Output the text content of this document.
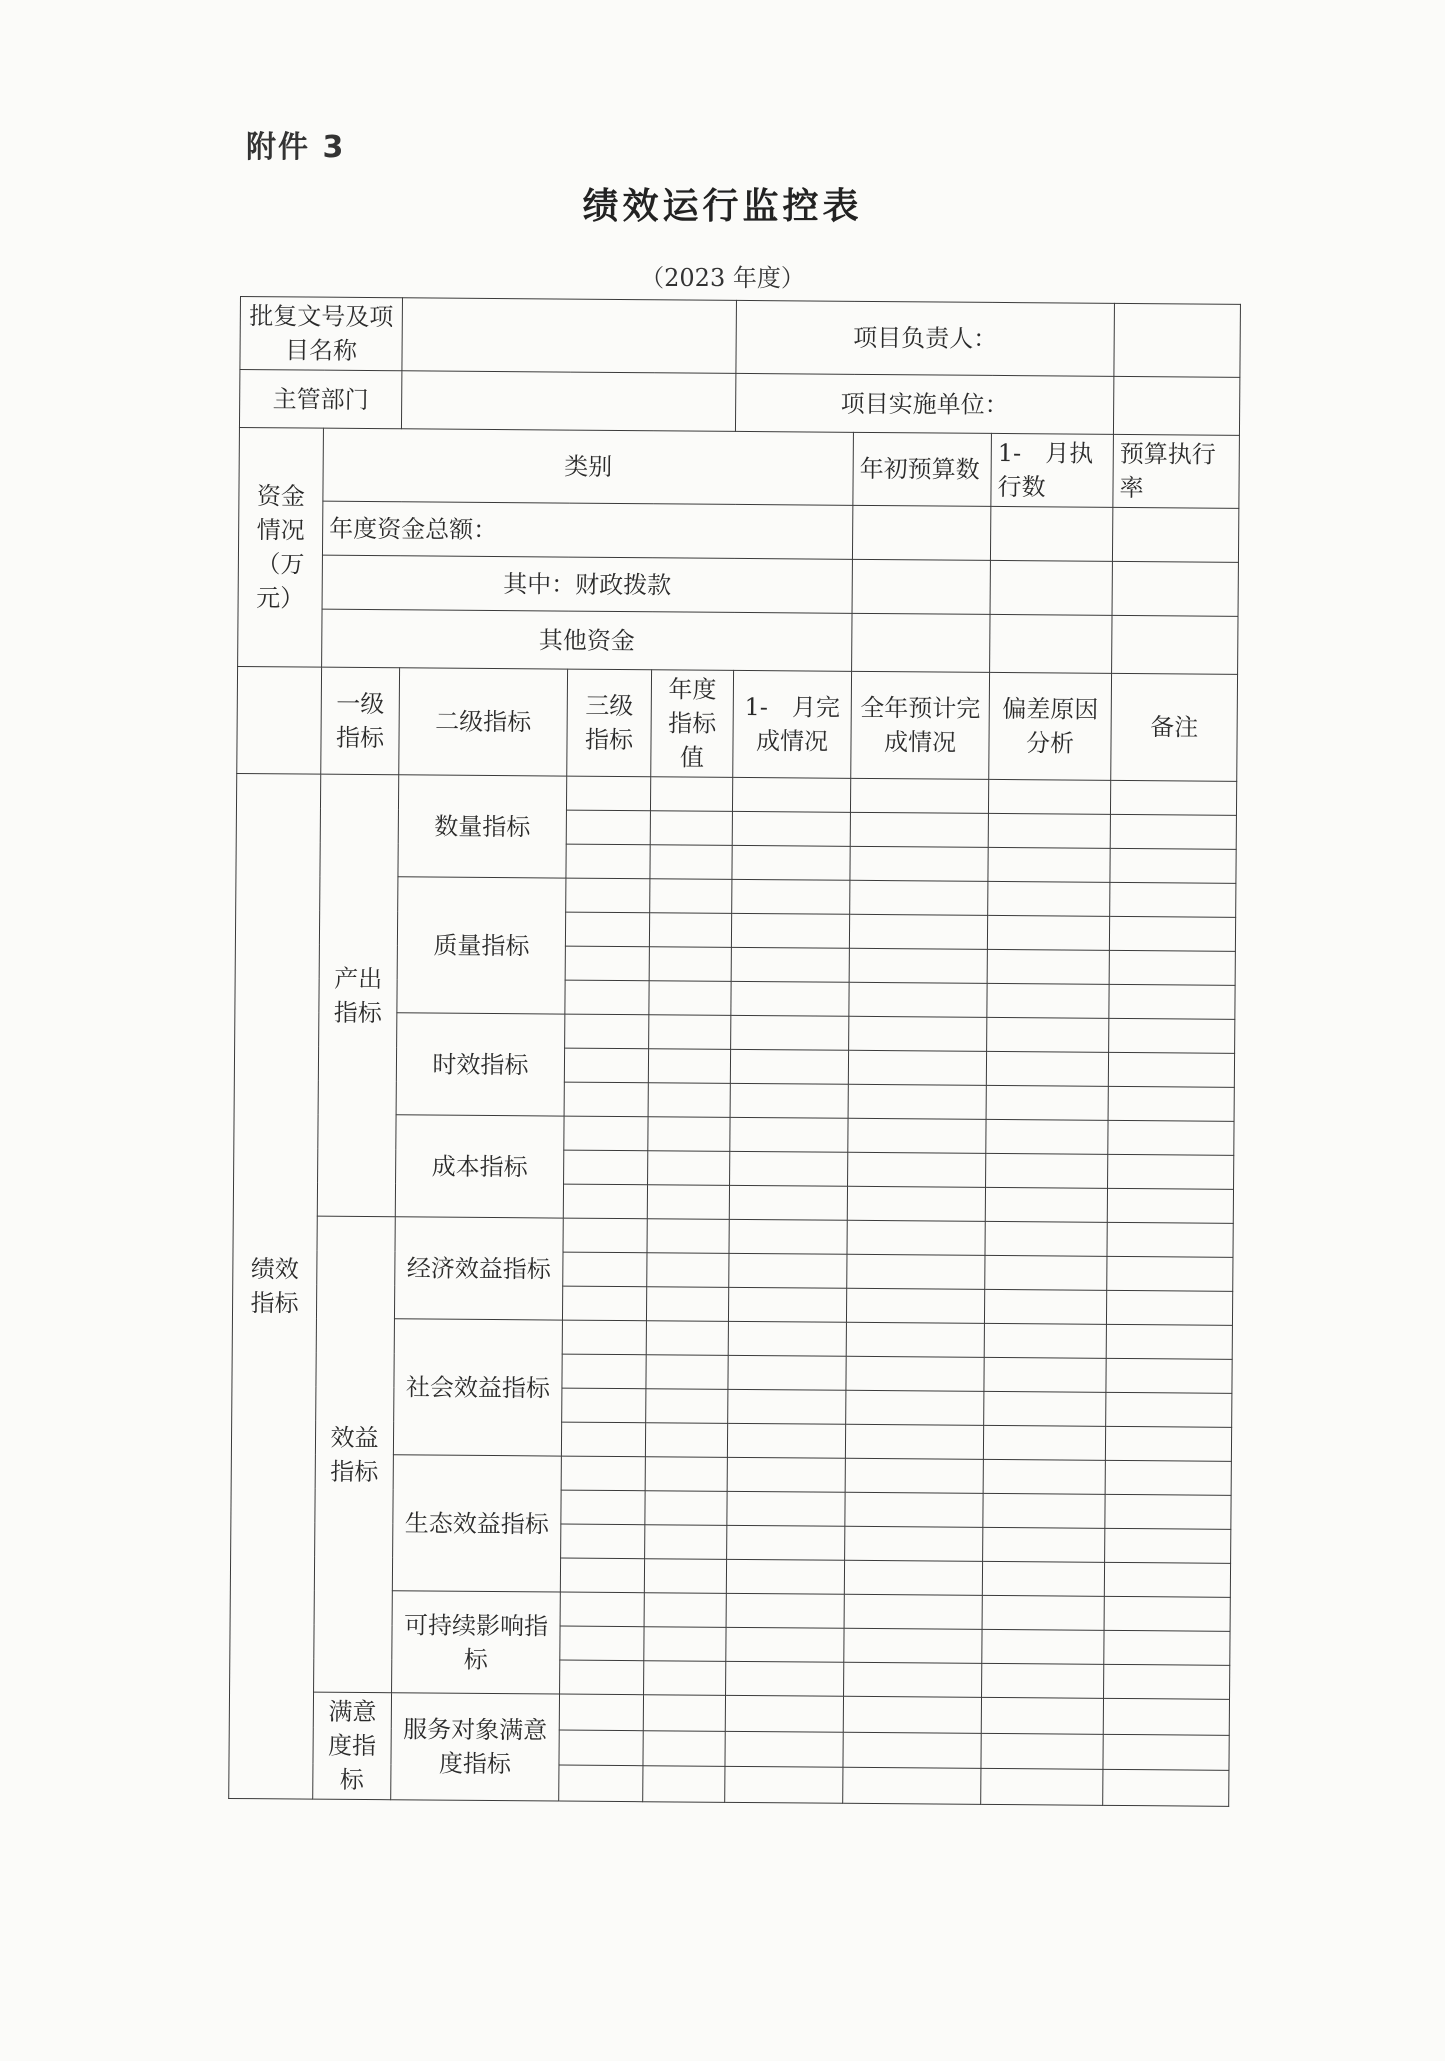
附件 3
绩效运行监控表
（2023 年度）
批复文号及项目名称					项目负责人：			
主管部门					项目实施单位：			
资金情况（万元）	类别					年初预算数	1-　月执行数	预算执行率
	年度资金总额：							
	其中：财政拨款							
	其他资金							
	一级指标	二级指标	三级指标	年度指标值	1-　月完成情况	全年预计完成情况	偏差原因分析	备注
绩效指标	产出指标	数量指标						

		质量指标						

		时效指标						

		成本指标						

	效益指标	经济效益指标						

		社会效益指标						

		生态效益指标						

		可持续影响指标						

	满意度指标	服务对象满意度指标						
